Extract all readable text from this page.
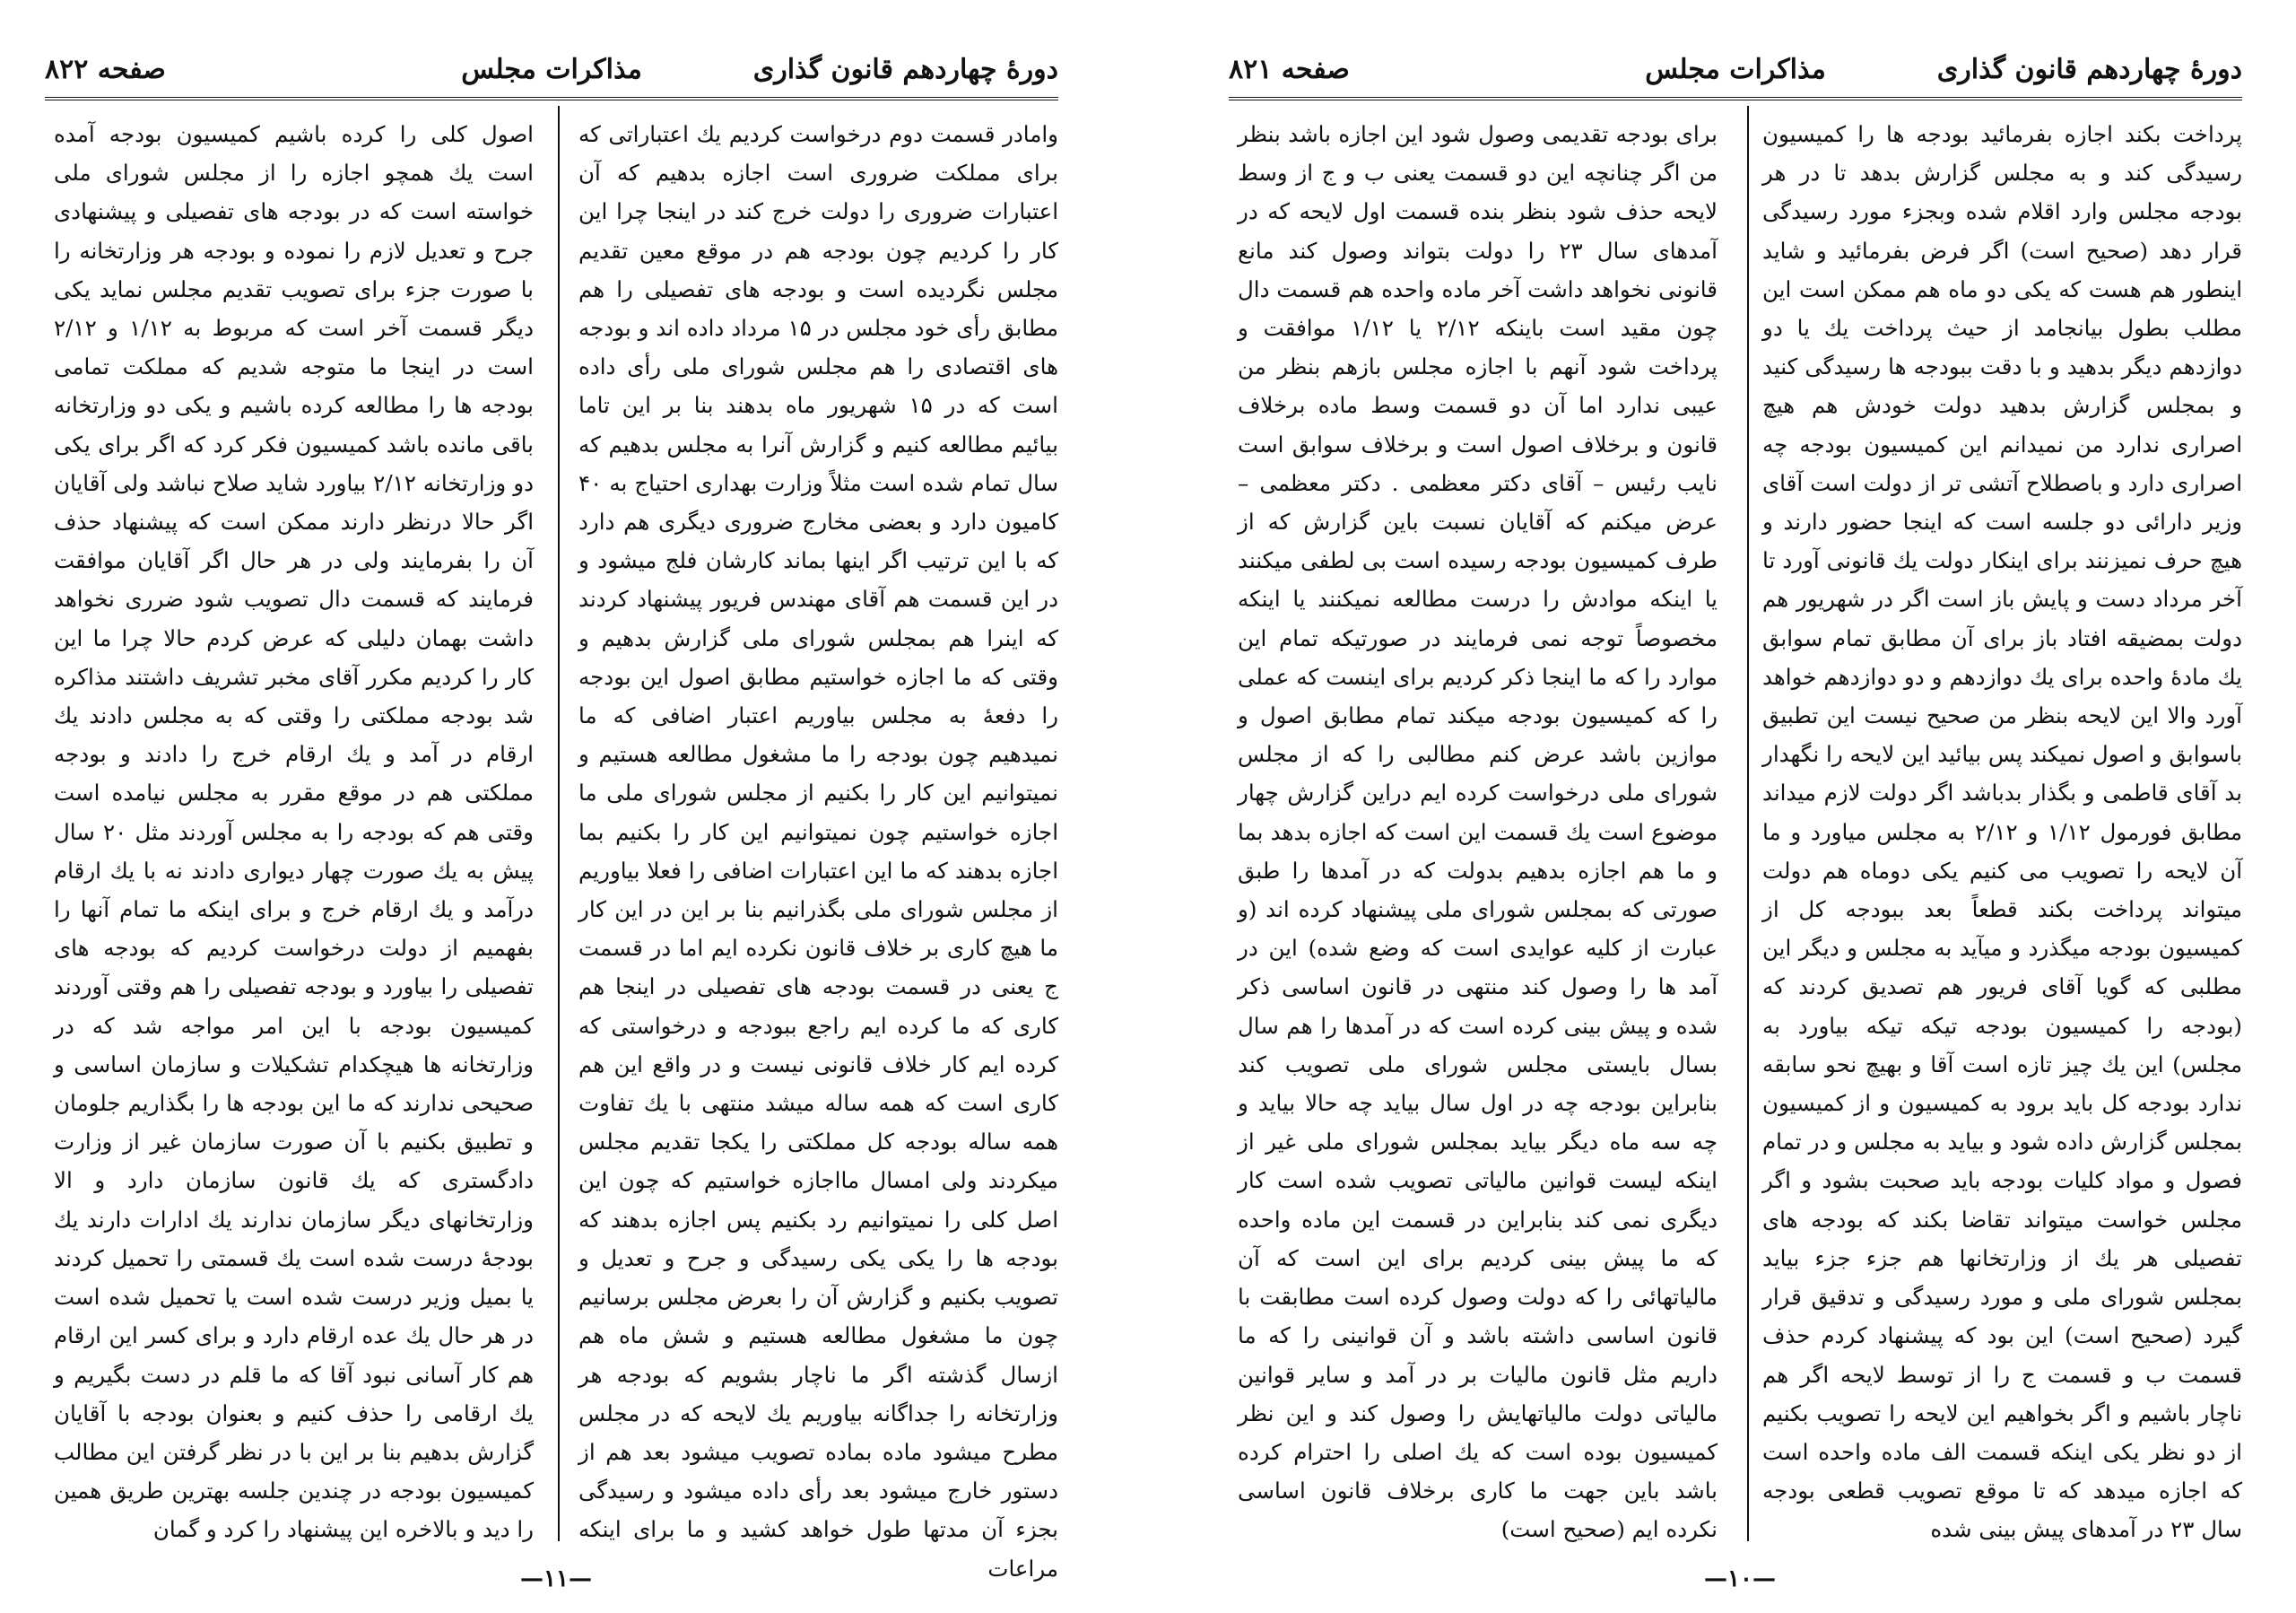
دورهٔ چهاردهم قانون گذاری
مذاکرات مجلس
صفحه ۸۲۲

وامادر قسمت دوم درخواست کردیم یك اعتباراتی که برای مملکت ضروری است اجازه بدهیم که آن اعتبارات ضروری را دولت خرج کند در اینجا چرا این کار را کردیم چون بودجه هم در موقع معین تقدیم مجلس نگردیده است و بودجه های تفصیلی را هم مطابق رأی خود مجلس در ۱۵ مرداد داده اند و بودجه های اقتصادی را هم مجلس شورای ملی رأی داده است که در ۱۵ شهریور ماه بدهند بنا بر این تاما بیائیم مطالعه کنیم و گزارش آنرا به مجلس بدهیم که سال تمام شده است مثلاً وزارت بهداری احتیاج به ۴۰ کامیون دارد و بعضی مخارج ضروری دیگری هم دارد که با این ترتیب اگر اینها بماند کارشان فلج میشود و در این قسمت هم آقای مهندس فریور پیشنهاد کردند که اینرا هم بمجلس شورای ملی گزارش بدهیم و وقتی که ما اجازه خواستیم مطابق اصول این بودجه را دفعهٔ به مجلس بیاوریم اعتبار اضافی که ما نمیدهیم چون بودجه را ما مشغول مطالعه هستیم و نمیتوانیم این کار را بکنیم از مجلس شورای ملی ما اجازه خواستیم چون نمیتوانیم این کار را بکنیم بما اجازه بدهند که ما این اعتبارات اضافی را فعلا بیاوریم از مجلس شورای ملی بگذرانیم بنا بر این در این کار ما هیچ کاری بر خلاف قانون نکرده ایم اما در قسمت ج یعنی در قسمت بودجه های تفصیلی در اینجا هم کاری که ما کرده ایم راجع ببودجه و درخواستی که کرده ایم کار خلاف قانونی نیست و در واقع این هم کاری است که همه ساله میشد منتهی با یك تفاوت همه ساله بودجه کل مملکتی را یکجا تقدیم مجلس میکردند ولی امسال مااجازه خواستیم که چون این اصل کلی را نمیتوانیم رد بکنیم پس اجازه بدهند که بودجه ها را یکی یکی رسیدگی و جرح و تعدیل و تصویب بکنیم و گزارش آن را بعرض مجلس برسانیم چون ما مشغول مطالعه هستیم و شش ماه هم ازسال گذشته اگر ما ناچار بشویم که بودجه هر وزارتخانه را جداگانه بیاوریم یك لایحه که در مجلس مطرح میشود ماده بماده تصویب میشود بعد هم از دستور خارج میشود بعد رأی داده میشود و رسیدگی بجزء آن مدتها طول خواهد کشید و ما برای اینکه مراعات

اصول کلی را کرده باشیم کمیسیون بودجه آمده است یك همچو اجازه را از مجلس شورای ملی خواسته است که در بودجه های تفصیلی و پیشنهادی جرح و تعدیل لازم را نموده و بودجه هر وزارتخانه را با صورت جزء برای تصویب تقدیم مجلس نماید یکی دیگر قسمت آخر است که مربوط به ۱/۱۲ و ۲/۱۲ است در اینجا ما متوجه شدیم که مملکت تمامی بودجه ها را مطالعه کرده باشیم و یکی دو وزارتخانه باقی مانده باشد کمیسیون فکر کرد که اگر برای یکی دو وزارتخانه ۲/۱۲ بیاورد شاید صلاح نباشد ولی آقایان اگر حالا درنظر دارند ممکن است که پیشنهاد حذف آن را بفرمایند ولی در هر حال اگر آقایان موافقت فرمایند که قسمت دال تصویب شود ضرری نخواهد داشت بهمان دلیلی که عرض کردم حالا چرا ما این کار را کردیم مکرر آقای مخبر تشریف داشتند مذاکره شد بودجه مملکتی را وقتی که به مجلس دادند یك ارقام در آمد و یك ارقام خرج را دادند و بودجه مملکتی هم در موقع مقرر به مجلس نیامده است وقتی هم که بودجه را به مجلس آوردند مثل ۲۰ سال پیش به یك صورت چهار دیواری دادند نه با یك ارقام درآمد و یك ارقام خرج و برای اینکه ما تمام آنها را بفهمیم از دولت درخواست کردیم که بودجه های تفصیلی را بیاورد و بودجه تفصیلی را هم وقتی آوردند کمیسیون بودجه با این امر مواجه شد که در وزارتخانه ها هیچکدام تشکیلات و سازمان اساسی و صحیحی ندارند که ما این بودجه ها را بگذاریم جلومان و تطبیق بکنیم با آن صورت سازمان غیر از وزارت دادگستری که یك قانون سازمان دارد و الا وزارتخانهای دیگر سازمان ندارند یك ادارات دارند یك بودجهٔ درست شده است یك قسمتی را تحمیل کردند یا بمیل وزیر درست شده است یا تحمیل شده است در هر حال یك عده ارقام دارد و برای کسر این ارقام هم کار آسانی نبود آقا که ما قلم در دست بگیریم و یك ارقامی را حذف کنیم و بعنوان بودجه با آقایان گزارش بدهیم بنا بر این با در نظر گرفتن این مطالب کمیسیون بودجه در چندین جلسه بهترین طریق همین را دید و بالاخره این پیشنهاد را کرد و گمان

—۱۱—
دورهٔ چهاردهم قانون گذاری
مذاکرات مجلس
صفحه ۸۲۱

پرداخت بکند اجازه بفرمائید بودجه ها را کمیسیون رسیدگی کند و به مجلس گزارش بدهد تا در هر بودجه مجلس وارد اقلام شده وبجزء مورد رسیدگی قرار دهد (صحیح است) اگر فرض بفرمائید و شاید اینطور هم هست که یکی دو ماه هم ممکن است این مطلب بطول بیانجامد از حیث پرداخت یك یا دو دوازدهم دیگر بدهید و با دقت ببودجه ها رسیدگی کنید و بمجلس گزارش بدهید دولت خودش هم هیچ اصراری ندارد من نمیدانم این کمیسیون بودجه چه اصراری دارد و باصطلاح آتشی تر از دولت است آقای وزیر دارائی دو جلسه است که اینجا حضور دارند و هیچ حرف نمیزنند برای اینکار دولت یك قانونی آورد تا آخر مرداد دست و پایش باز است اگر در شهریور هم دولت بمضیقه افتاد باز برای آن مطابق تمام سوابق یك مادهٔ واحده برای یك دوازدهم و دو دوازدهم خواهد آورد والا این لایحه بنظر من صحیح نیست این تطبیق باسوابق و اصول نمیکند پس بیائید این لایحه را نگهدار بد آقای قاطمی و بگذار بدباشد اگر دولت لازم میداند مطابق فورمول ۱/۱۲ و ۲/۱۲ به مجلس میاورد و ما آن لایحه را تصویب می کنیم یکی دوماه هم دولت میتواند پرداخت بکند قطعاً بعد ببودجه کل از کمیسیون بودجه میگذرد و میآید به مجلس و دیگر این مطلبی که گویا آقای فریور هم تصدیق کردند که (بودجه را کمیسیون بودجه تیکه تیکه بیاورد به مجلس) این یك چیز تازه است آقا و بهیچ نحو سابقه ندارد بودجه کل باید برود به کمیسیون و از کمیسیون بمجلس گزارش داده شود و بیاید به مجلس و در تمام فصول و مواد کلیات بودجه باید صحبت بشود و اگر مجلس خواست میتواند تقاضا بکند که بودجه های تفصیلی هر یك از وزارتخانها هم جزء جزء بیاید بمجلس شورای ملی و مورد رسیدگی و تدقیق قرار گیرد (صحیح است) این بود که پیشنهاد کردم حذف قسمت ب و قسمت ج را از توسط لایحه اگر هم ناچار باشیم و اگر بخواهیم این لایحه را تصویب بکنیم از دو نظر یکی اینکه قسمت الف ماده واحده است که اجازه میدهد که تا موقع تصویب قطعی بودجه سال ۲۳ در آمدهای پیش بینی شده

برای بودجه تقدیمی وصول شود این اجازه باشد بنظر من اگر چنانچه این دو قسمت یعنی ب و ج از وسط لایحه حذف شود بنظر بنده قسمت اول لایحه که در آمدهای سال ۲۳ را دولت بتواند وصول کند مانع قانونی نخواهد داشت آخر ماده واحده هم قسمت دال چون مقید است باینکه ۲/۱۲ یا ۱/۱۲ موافقت و پرداخت شود آنهم با اجازه مجلس بازهم بنظر من عیبی ندارد اما آن دو قسمت وسط ماده برخلاف قانون و برخلاف اصول است و برخلاف سوابق است نایب رئیس – آقای دکتر معظمی . دکتر معظمی – عرض میکنم که آقایان نسبت باین گزارش که از طرف کمیسیون بودجه رسیده است بی لطفی میکنند یا اینکه موادش را درست مطالعه نمیکنند یا اینکه مخصوصاً توجه نمی فرمایند در صورتیکه تمام این موارد را که ما اینجا ذکر کردیم برای اینست که عملی را که کمیسیون بودجه میکند تمام مطابق اصول و موازین باشد عرض کنم مطالبی را که از مجلس شورای ملی درخواست کرده ایم دراین گزارش چهار موضوع است یك قسمت این است که اجازه بدهد بما و ما هم اجازه بدهیم بدولت که در آمدها را طبق صورتی که بمجلس شورای ملی پیشنهاد کرده اند (و عبارت از کلیه عوایدی است که وضع شده) این در آمد ها را وصول کند منتهی در قانون اساسی ذکر شده و پیش بینی کرده است که در آمدها را هم سال بسال بایستی مجلس شورای ملی تصویب کند بنابراین بودجه چه در اول سال بیاید چه حالا بیاید و چه سه ماه دیگر بیاید بمجلس شورای ملی غیر از اینکه لیست قوانین مالیاتی تصویب شده است کار دیگری نمی کند بنابراین در قسمت این ماده واحده که ما پیش بینی کردیم برای این است که آن مالیاتهائی را که دولت وصول کرده است مطابقت با قانون اساسی داشته باشد و آن قوانینی را که ما داریم مثل قانون مالیات بر در آمد و سایر قوانین مالیاتی دولت مالیاتهایش را وصول کند و این نظر کمیسیون بوده است که یك اصلی را احترام کرده باشد باین جهت ما کاری برخلاف قانون اساسی نکرده ایم (صحیح است)

—۱۰—
